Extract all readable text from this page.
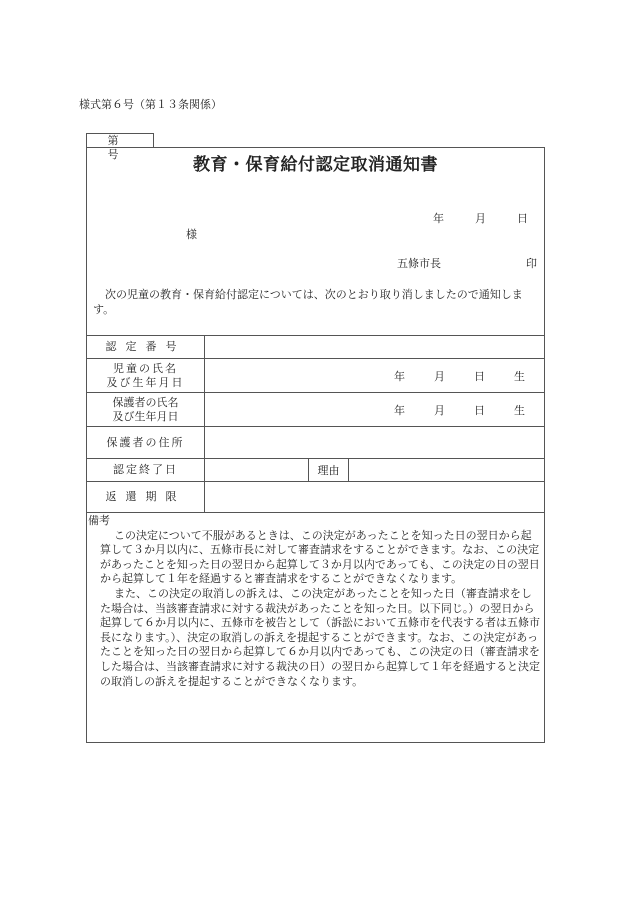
様式第６号（第１３条関係）
第　号
教育・保育給付認定取消通知書
年　月　日
様
五條市長	印
次の児童の教育・保育給付認定については、次のとおり取り消しましたので通知します。
認定番号			

児童の氏名
及び生年月日	年　月　日　生		

保護者の氏名
及び生年月日	年　月　日　生		
保護者の住所			
認定終了日		理由	
返還期限			

備考

この決定について不服があるときは、この決定があったことを知った日の翌日から起算して３か月以内に、五條市長に対して審査請求をすることができます。なお、この決定があったことを知った日の翌日から起算して３か月以内であっても、この決定の日の翌日から起算して１年を経過すると審査請求をすることができなくなります。

また、この決定の取消しの訴えは、この決定があったことを知った日（審査請求をした場合は、当該審査請求に対する裁決があったことを知った日。以下同じ。）の翌日から起算して６か月以内に、五條市を被告として（訴訟において五條市を代表する者は五條市長になります。）、決定の取消しの訴えを提起することができます。なお、この決定があったことを知った日の翌日から起算して６か月以内であっても、この決定の日（審査請求をした場合は、当該審査請求に対する裁決の日）の翌日から起算して１年を経過すると決定の取消しの訴えを提起することができなくなります。
